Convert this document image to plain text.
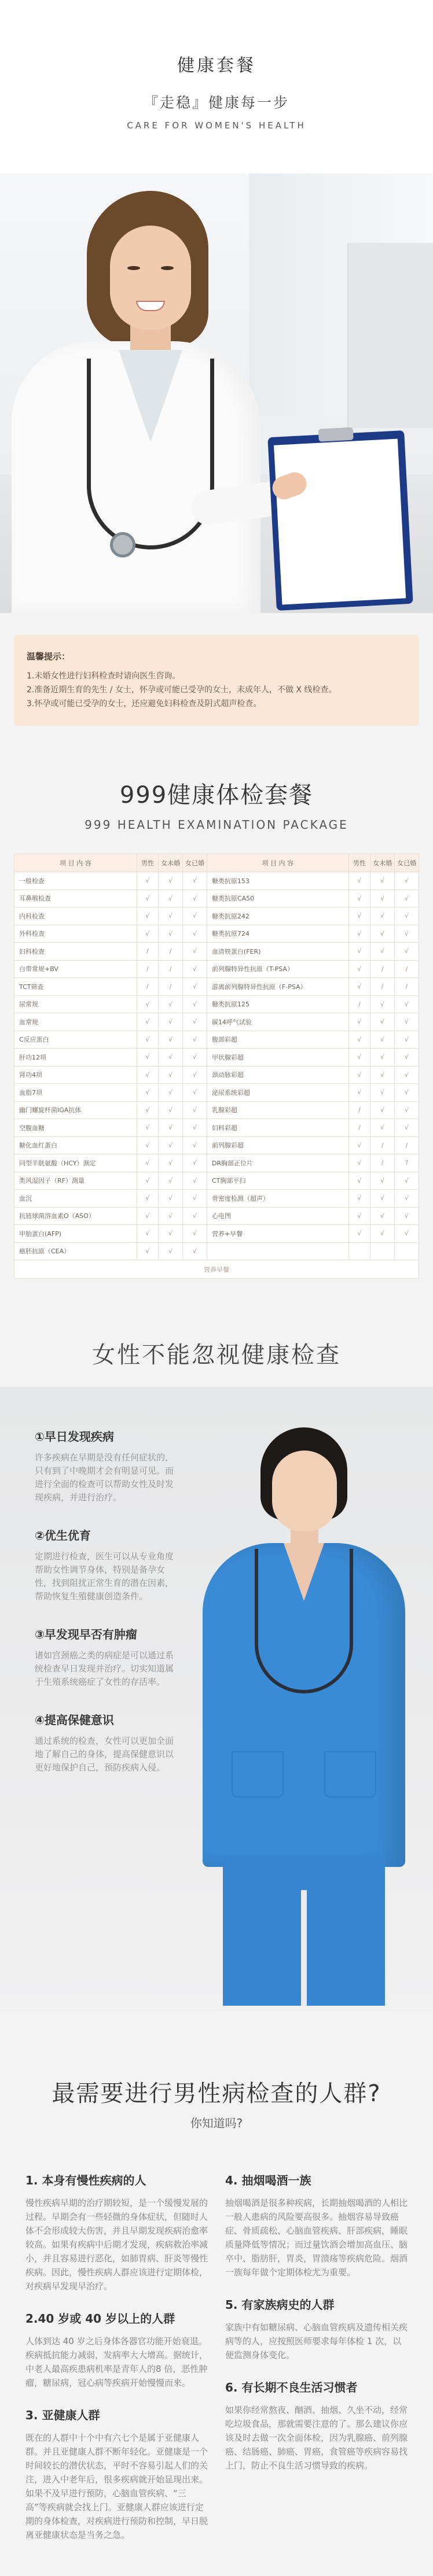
健康套餐
『走稳』健康每一步
CARE FOR WOMEN'S HEALTH
温馨提示：
1.未婚女性进行妇科检查时请向医生咨询。
2.准备近期生育的先生 / 女士，怀孕或可能已受孕的女士，未成年人，不做 X 线检查。
3.怀孕或可能已受孕的女士，还应避免妇科检查及阴式超声检查。
999健康体检套餐
999 HEALTH EXAMINATION PACKAGE
项 目 内 容	男性	女未婚	女已婚	项 目 内 容	男性	女未婚	女已婚
一般检查	√	√	√	糖类抗原153	√	√	√
耳鼻喉检查	√	√	√	糖类抗原CA50	√	√	√
内科检查	√	√	√	糖类抗原242	√	√	√
外科检查	√	√	√	糖类抗原724	√	√	√
妇科检查	/	/	√	血清铁蛋白(FER)	√	√	√
白带常规+BV	/	/	√	前列腺特异性抗原（T-PSA）	√	/	/
TCT筛查	/	/	√	游离前列腺特异性抗原（F-PSA）	√	/	/
尿常规	√	√	√	糖类抗原125	/	√	√
血常规	√	√	√	碳14呼气试验	√	√	√
C反应蛋白	√	√	√	腹部彩超	√	√	√
肝功12项	√	√	√	甲状腺彩超	√	√	√
肾功4项	√	√	√	颈动脉彩超	√	√	√
血脂7项	√	√	√	泌尿系统彩超	√	√	√
幽门螺旋杆菌IGA抗体	√	√	√	乳腺彩超	/	√	√
空腹血糖	√	√	√	妇科彩超	/	√	√
糖化血红蛋白	√	√	√	前列腺彩超	√	/	/
同型半胱氨酸（HCY）测定	√	√	√	DR胸部正位片	√	/	?
类风湿因子（RF）测量	√	√	√	CT胸部平扫	√	√	√
血沉	√	√	√	骨密度检测（超声）	√	√	√
抗链球菌溶血素O（ASO）	√	√	√	心电图	√	√	√
甲胎蛋白(AFP)	√	√	√	营养+早餐	√	√	√
癌胚抗原（CEA）	√	√	√				
营养早餐							
女性不能忽视健康检查
①早日发现疾病
许多疾病在早期是没有任何症状的，只有到了中晚期才会有明显可见。而进行全面的检查可以帮助女性及时发现疾病，并进行治疗。
②优生优育
定期进行检查，医生可以从专业角度帮助女性调节身体，特别是备孕女性，找到阻扰正常生育的潜在因素，帮助恢复生殖健康创造条件。
③早发现早否有肿瘤
诸如宫颈癌之类的病症是可以通过系统检查早日发现并治疗。切实知道属于生殖系统癌症了女性的存活率。
④提高保健意识
通过系统的检查，女性可以更加全面地了解自己的身体，提高保健意识以更好地保护自己，预防疾病入侵。
最需要进行男性病检查的人群?
你知道吗?
1. 本身有慢性疾病的人
慢性疾病早期的治疗期较短，是一个缓慢发展的过程。早期会有一些轻微的身体症状，但随时人体不会形成较大伤害，并且早期发现疾病治愈率较高。如果有疾病中后期才发现，疾病救治率减小，并且容易进行恶化，如肺胃病、肝炎等慢性疾病。因此，慢性疾病人群应该进行定期体检，对疾病早发现早治疗。
2.40 岁或 40 岁以上的人群
人体到达 40 岁之后身体各器官功能开始衰退。疾病抵抗能力减弱，发病率大大增高。据统计，中老人最高疾患病机率是青年人的8 倍，恶性肿瘤，糖尿病，冠心病等疾病开始慢慢而来。
3. 亚健康人群
既在的人群中十个中有六七个是属于亚健康人群。并且亚健康人群不断年轻化。亚健康是一个时间较长的潜伏状态，平时不容易引起人们的关注，进入中老年后，很多疾病就开始显现出来。如果不及早进行预防，心脑血管疾病、“三高”等疾病就会找上门。亚健康人群应该进行定期的身体检查，对疾病进行预防和控制，早日脱离亚健康状态是当务之急。
4. 抽烟喝酒一族
抽烟喝酒是很多种疾病，长期抽烟喝酒的人相比一般人患病的风险要高很多。抽烟容易导致癌症、骨质疏松、心脑血管疾病、肝部疾病，睡眠质量降低等情况；而过量饮酒会增加高血压、脑卒中、脂肪肝，胃炎，胃溃疡等疾病危险。烟酒一族每年做个定期体检尤为重要。
5. 有家族病史的人群
家族中有如糖尿病、心脑血管疾病及遗传相关疾病等的人，应按照医师要求每年体检 1 次，以便监测身体变化。
6. 有长期不良生活习惯者
如果你经常熬夜、酗酒、抽烟、久坐不动，经常吃垃圾食品，那就需要注意的了。那么建议你应该及时去做一次全面体检，因为乳腺癌、前列腺癌、结肠癌、肺癌、胃癌，食管癌等疾病容易找上门，防止不良生活习惯导致的疾病。
